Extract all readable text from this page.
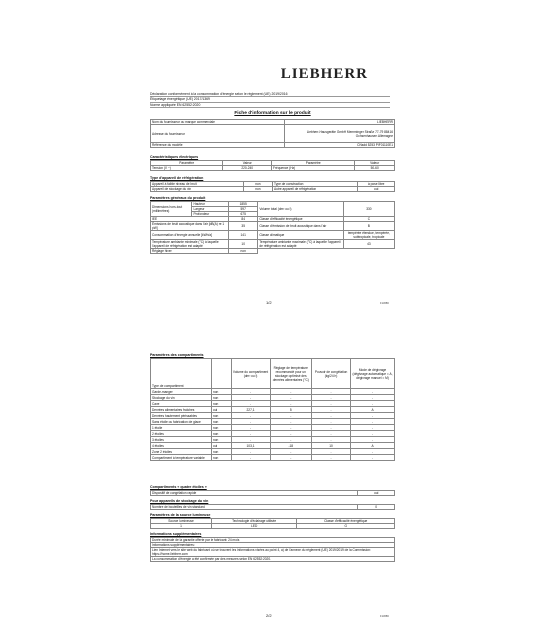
LIEBHERR
Déclaration conformément à la consommation d'énergie selon le règlement (UE) 2019/2016
Étiquetage énergétique (UE) 2017/1369
Norme appliquée EN 62552:2020
Fiche d'information sur le produit
Nom du fournisseur ou marque commerciale	LIEBHERR
Adresse du fournisseur	Liebherr-Hausgeräte GmbH Memminger Straße 77-79 88416 Ochsenhausen Allemagne
Référence du modèle	CNsdd 5253 PIF01110E1
Caractéristiques électriques
Paramètre	Valeur	Paramètre	Valeur
Tension (V ~)	220-240	Fréquence (Hz)	50-60
Type d'appareil de réfrigération
Appareil à faible niveau de bruit	non	Type de construction	à pose libre
Appareil de stockage du vin	non	Autre appareil de réfrigération	oui
Paramètres généraux du produit
Dimensions hors-tout (millimètres)	Hauteur	1855	Volume total (dm³ ou l)	330
	Largeur	597		
	Profondeur	675		
IEE		84	Classe d'efficacité énergétique	C
Émissions de bruit acoustique dans l'air [dB(A) re 1 pW]		35	Classe d'émission de bruit acoustique dans l'air	B
Consommation d'énergie annuelle [kWh/a]		141	Classe climatique	tempérée étendue, tempérée, subtropicale, tropicale
Température ambiante minimale (°C) à laquelle l'appareil de réfrigération est adapté		10	Température ambiante maximale (°C) à laquelle l'appareil de réfrigération est adapté	43
Réglage hiver		non		
1/2	F13686
Paramètres des compartiments
Type de compartiment		Volume du compartiment (dm³ ou l)	Réglage de température recommandé pour un stockage optimisé des denrées alimentaires (°C)	Pouvoir de congélation (kg/24 h)	Mode de dégivrage (dégivrage automatique = A, dégivrage manuel = M)
Garde-manger	non	-	-	-	-
Stockage du vin	non	-	-	-	-
Cave	non	-	-	-	-
Denrées alimentaires fraîches	oui	227,1	5	-	A
Denrées hautement périssables	non	-	-	-	-
Sans étoile ou fabrication de glace	non	-	-	-	-
1 étoile	non	-	-	-	-
2 étoiles	non	-	-	-	-
3 étoiles	non	-	-	-	-
4 étoiles	oui	103,1	-18	10	A
Zone 2 étoiles	non	-	-	-	-
Compartiment à température variable	non	-	-	-	-
Compartiments « quatre étoiles »
Dispositif de congélation rapide	oui
Pour appareils de stockage du vin
Nombre de bouteilles de vin standard	0
Paramètres de la source lumineuse
Source lumineuse	Technologie d'éclairage utilisée	Classe d'efficacité énergétique
1	LED	G
Informations supplémentaires
Durée minimale de la garantie offerte par le fabricant: 24 mois
Informations supplémentaires:
Lien Internet vers le site web du fabricant où se trouvent les informations visées au point 4, a) de l'annexe du règlement (UE) 2019/2019 de la Commission: https://home.liebherr.com
La consommation d'énergie a été confirmée par des mesures selon EN 62552:2020.
2/2	F13686
